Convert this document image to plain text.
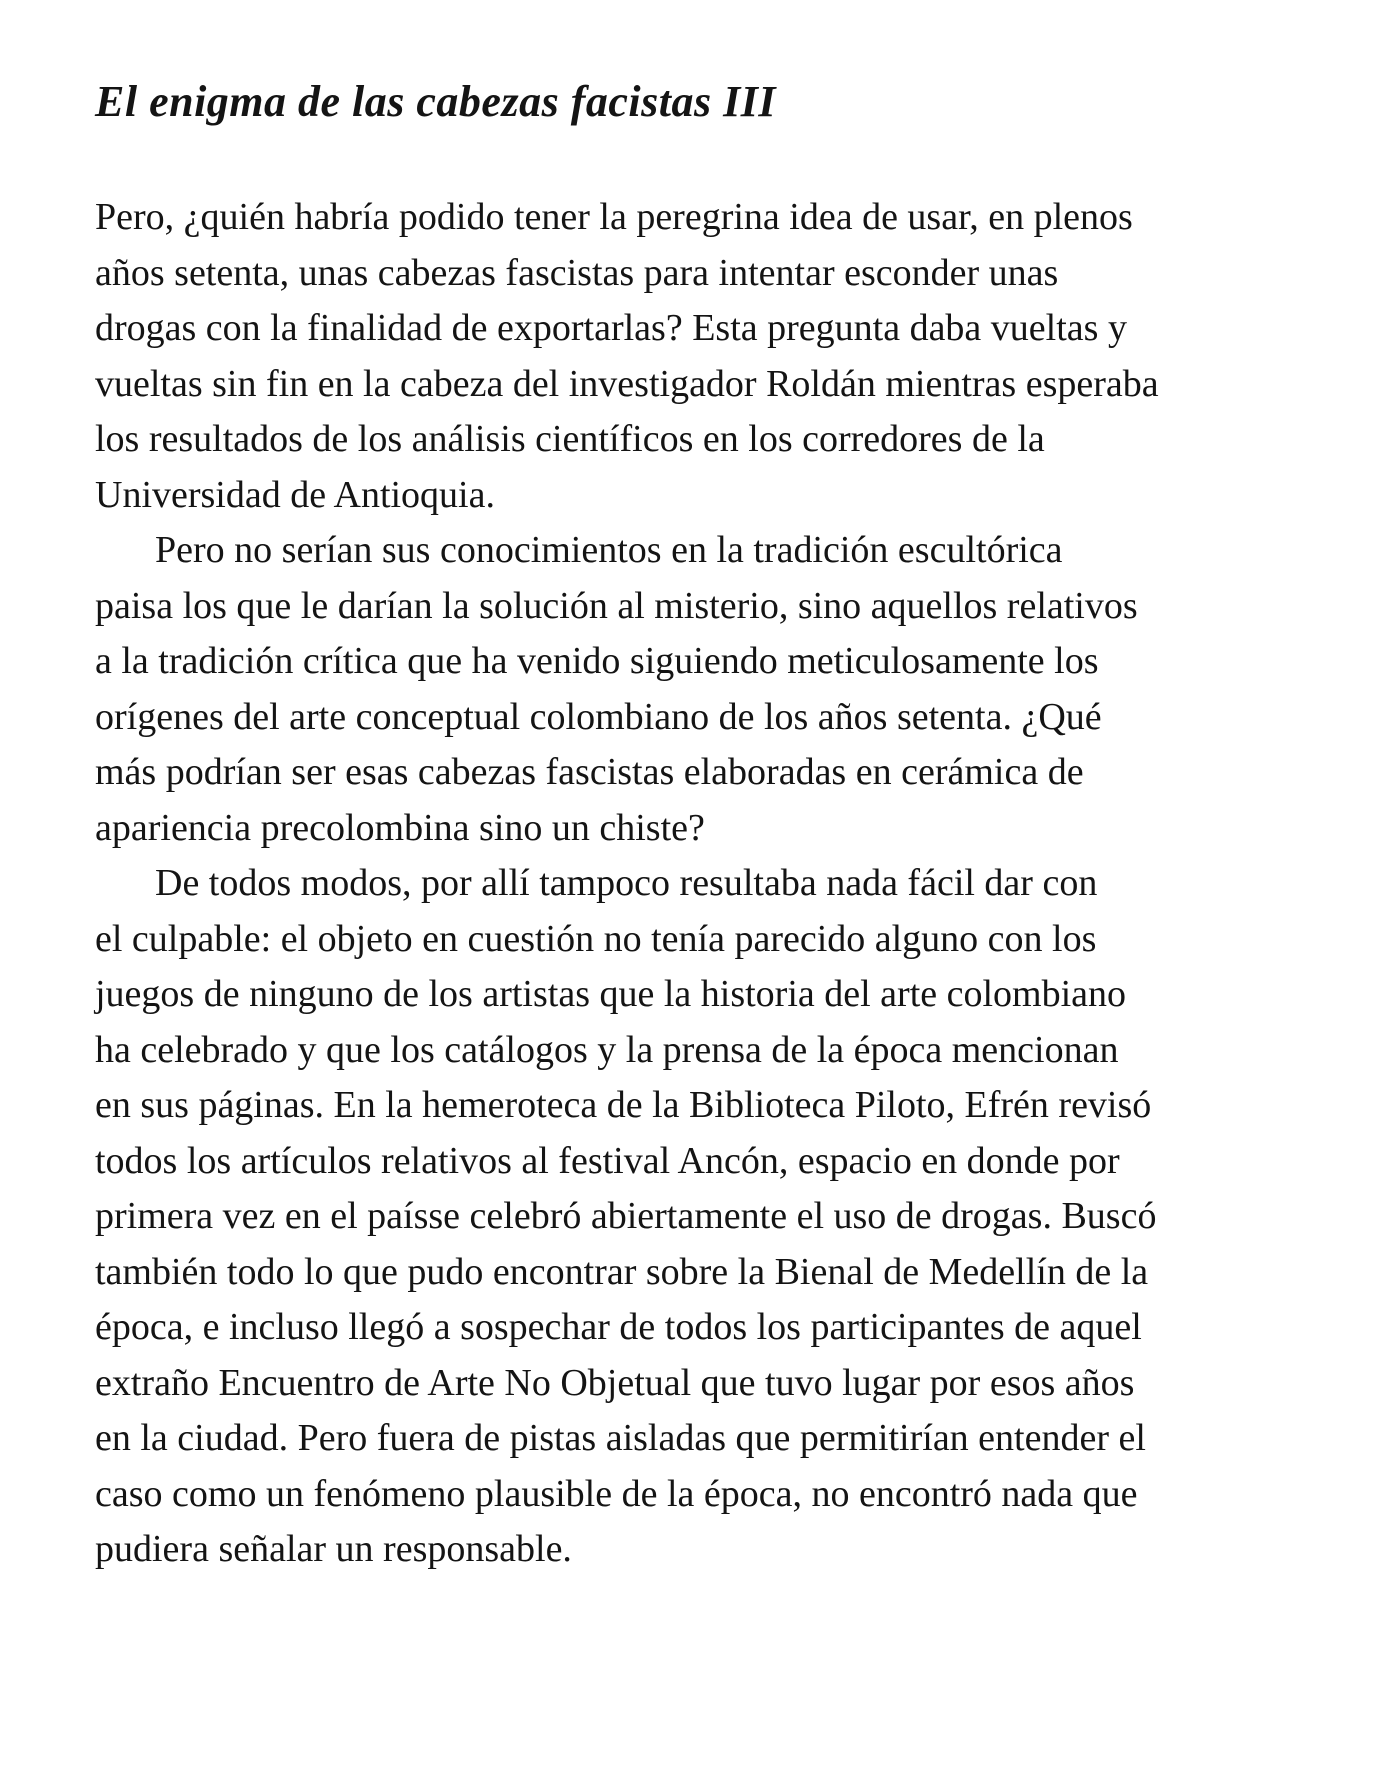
El enigma de las cabezas facistas III

Pero, ¿quién habría podido tener la peregrina idea de usar, en plenos
años setenta, unas cabezas fascistas para intentar esconder unas
drogas con la finalidad de exportarlas? Esta pregunta daba vueltas y
vueltas sin fin en la cabeza del investigador Roldán mientras esperaba
los resultados de los análisis científicos en los corredores de la
Universidad de Antioquia.

Pero no serían sus conocimientos en la tradición escultórica
paisa los que le darían la solución al misterio, sino aquellos relativos
a la tradición crítica que ha venido siguiendo meticulosamente los
orígenes del arte conceptual colombiano de los años setenta. ¿Qué
más podrían ser esas cabezas fascistas elaboradas en cerámica de
apariencia precolombina sino un chiste?

De todos modos, por allí tampoco resultaba nada fácil dar con
el culpable: el objeto en cuestión no tenía parecido alguno con los
juegos de ninguno de los artistas que la historia del arte colombiano
ha celebrado y que los catálogos y la prensa de la época mencionan
en sus páginas. En la hemeroteca de la Biblioteca Piloto, Efrén revisó
todos los artículos relativos al festival Ancón, espacio en donde por
primera vez en el paísse celebró abiertamente el uso de drogas. Buscó
también todo lo que pudo encontrar sobre la Bienal de Medellín de la
época, e incluso llegó a sospechar de todos los participantes de aquel
extraño Encuentro de Arte No Objetual que tuvo lugar por esos años
en la ciudad. Pero fuera de pistas aisladas que permitirían entender el
caso como un fenómeno plausible de la época, no encontró nada que
pudiera señalar un responsable.
